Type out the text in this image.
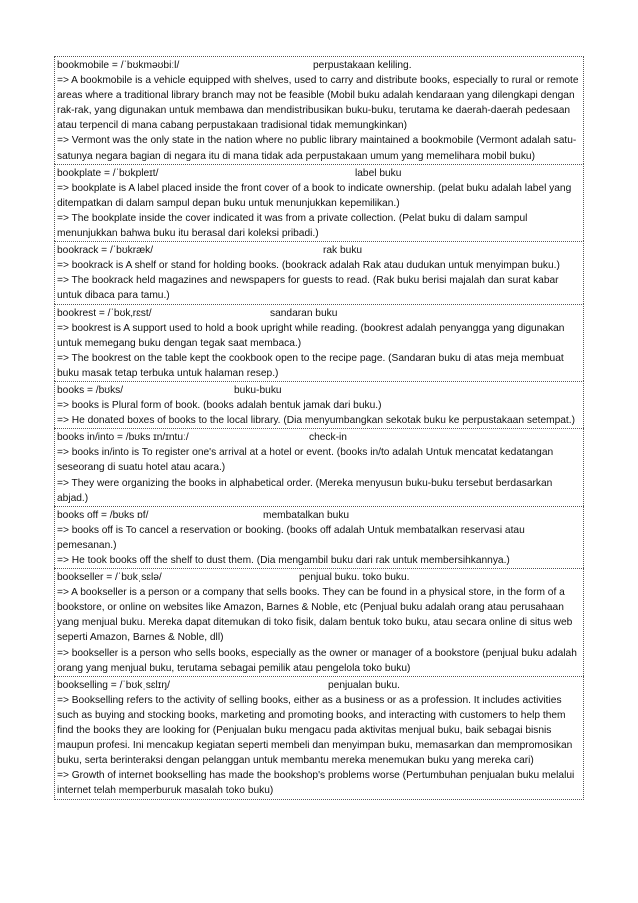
bookmobile = /ˈbʊkməʊbiːl/	perpustakaan keliling.

=> A bookmobile is a vehicle equipped with shelves, used to carry and distribute books, especially to rural or remote areas where a traditional library branch may not be feasible (Mobil buku adalah kendaraan yang dilengkapi dengan rak-rak, yang digunakan untuk membawa dan mendistribusikan buku-buku, terutama ke daerah-daerah pedesaan atau terpencil di mana cabang perpustakaan tradisional tidak memungkinkan)

=> Vermont was the only state in the nation where no public library maintained a bookmobile (Vermont adalah satu-satunya negara bagian di negara itu di mana tidak ada perpustakaan umum yang memelihara mobil buku)

bookplate = /ˈbʊkpleɪt/	label buku

=> bookplate is A label placed inside the front cover of a book to indicate ownership. (pelat buku adalah label yang ditempatkan di dalam sampul depan buku untuk menunjukkan kepemilikan.)

=> The bookplate inside the cover indicated it was from a private collection. (Pelat buku di dalam sampul menunjukkan bahwa buku itu berasal dari koleksi pribadi.)

bookrack = /ˈbʊkræk/	rak buku

=> bookrack is A shelf or stand for holding books. (bookrack adalah Rak atau dudukan untuk menyimpan buku.)

=> The bookrack held magazines and newspapers for guests to read. (Rak buku berisi majalah dan surat kabar untuk dibaca para tamu.)

bookrest = /ˈbʊk‚rɛst/	sandaran buku

=> bookrest is A support used to hold a book upright while reading. (bookrest adalah penyangga yang digunakan untuk memegang buku dengan tegak saat membaca.)

=> The bookrest on the table kept the cookbook open to the recipe page. (Sandaran buku di atas meja membuat buku masak tetap terbuka untuk halaman resep.)

books = /bʊks/	buku-buku

=> books is Plural form of book. (books adalah bentuk jamak dari buku.)

=> He donated boxes of books to the local library. (Dia menyumbangkan sekotak buku ke perpustakaan setempat.)

books in/into = /bʊks ɪn/ɪntuː/	check-in

=> books in/into is To register one's arrival at a hotel or event. (books in/to adalah Untuk mencatat kedatangan seseorang di suatu hotel atau acara.)

=> They were organizing the books in alphabetical order. (Mereka menyusun buku-buku tersebut berdasarkan abjad.)

books off = /bʊks ɒf/	membatalkan buku

=> books off is To cancel a reservation or booking. (books off adalah Untuk membatalkan reservasi atau pemesanan.)

=> He took books off the shelf to dust them. (Dia mengambil buku dari rak untuk membersihkannya.)

bookseller = /ˈbʊkˌsɛlə/	penjual buku. toko buku.

=> A bookseller is a person or a company that sells books. They can be found in a physical store, in the form of a bookstore, or online on websites like Amazon, Barnes & Noble, etc (Penjual buku adalah orang atau perusahaan yang menjual buku. Mereka dapat ditemukan di toko fisik, dalam bentuk toko buku, atau secara online di situs web seperti Amazon, Barnes & Noble, dll)

=> bookseller is a person who sells books, especially as the owner or manager of a bookstore (penjual buku adalah orang yang menjual buku, terutama sebagai pemilik atau pengelola toko buku)

bookselling = /ˈbʊkˌsɛlɪŋ/	penjualan buku.

=> Bookselling refers to the activity of selling books, either as a business or as a profession. It includes activities such as buying and stocking books, marketing and promoting books, and interacting with customers to help them find the books they are looking for (Penjualan buku mengacu pada aktivitas menjual buku, baik sebagai bisnis maupun profesi. Ini mencakup kegiatan seperti membeli dan menyimpan buku, memasarkan dan mempromosikan buku, serta berinteraksi dengan pelanggan untuk membantu mereka menemukan buku yang mereka cari)

=> Growth of internet bookselling has made the bookshop's problems worse (Pertumbuhan penjualan buku melalui internet telah memperburuk masalah toko buku)
